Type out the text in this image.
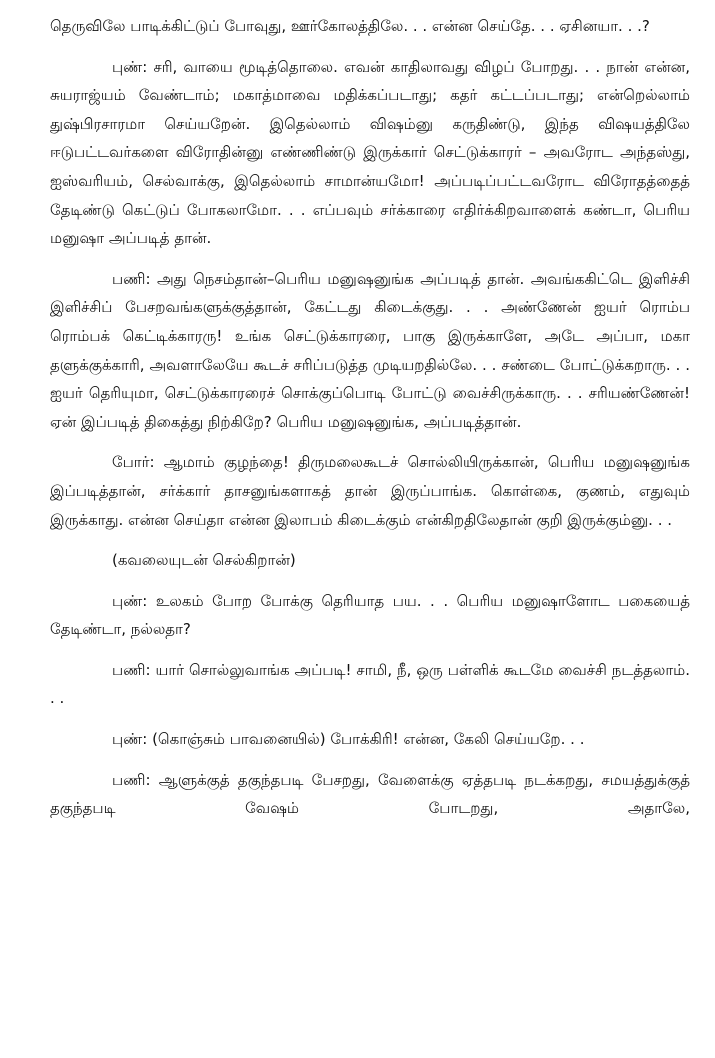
தெருவிலே பாடிக்கிட்டுப் போவுது, ஊர்கோலத்திலே. . . என்ன செய்தே. . . ஏசினயா. . .?

புண்: சரி, வாயை மூடித்தொலை. எவன் காதிலாவது விழப் போறது. . . நான் என்ன, சுயராஜ்யம் வேண்டாம்; மகாத்மாவை மதிக்கப்படாது; கதர் கட்டப்படாது; என்றெல்லாம் துஷ்பிரசாரமா செய்யறேன். இதெல்லாம் விஷம்னு கருதிண்டு, இந்த விஷயத்திலே ஈடுபட்டவர்களை விரோதின்னு எண்ணிண்டு இருக்கார் செட்டுக்காரர் – அவரோட அந்தஸ்து, ஐஸ்வரியம், செல்வாக்கு, இதெல்லாம் சாமான்யமோ! அப்படிப்பட்டவரோட விரோதத்தைத் தேடிண்டு கெட்டுப் போகலாமோ. . . எப்பவும் சர்க்காரை எதிர்க்கிறவாளைக் கண்டா, பெரிய மனுஷா அப்படித் தான்.

பணி: அது நெசம்தான்–பெரிய மனுஷனுங்க அப்படித் தான். அவங்ககிட்டெ இளிச்சி இளிச்சிப் பேசறவங்களுக்குத்தான், கேட்டது கிடைக்குது. . . அண்ணேன் ஐயர் ரொம்ப ரொம்பக் கெட்டிக்காரரு! உங்க செட்டுக்காரரை, பாகு இருக்காளே, அடே அப்பா, மகா தளுக்குக்காரி, அவளாலேயே கூடச் சரிப்படுத்த முடியறதில்லே. . . சண்டை போட்டுக்கறாரு. . . ஐயர் தெரியுமா, செட்டுக்காரரைச் சொக்குப்பொடி போட்டு வைச்சிருக்காரு. . . சரியண்ணேன்! ஏன் இப்படித் திகைத்து நிற்கிறே? பெரிய மனுஷனுங்க, அப்படித்தான்.

போர்: ஆமாம் குழந்தை! திருமலைகூடச் சொல்லியிருக்கான், பெரிய மனுஷனுங்க இப்படித்தான், சர்க்கார் தாசனுங்களாகத் தான் இருப்பாங்க. கொள்கை, குணம், எதுவும் இருக்காது. என்ன செய்தா என்ன இலாபம் கிடைக்கும் என்கிறதிலேதான் குறி இருக்கும்னு. . .

(கவலையுடன் செல்கிறான்)

புண்: உலகம் போற போக்கு தெரியாத பய. . . பெரிய மனுஷாளோட பகையைத் தேடிண்டா, நல்லதா?

பணி: யார் சொல்லுவாங்க அப்படி! சாமி, நீ, ஒரு பள்ளிக் கூடமே வைச்சி நடத்தலாம். . .

புண்: (கொஞ்சும் பாவனையில்) போக்கிரி! என்ன, கேலி செய்யறே. . .

பணி: ஆளுக்குத் தகுந்தபடி பேசறது, வேளைக்கு ஏத்தபடி நடக்கறது, சமயத்துக்குத் தகுந்தபடி வேஷம் போடறது, அதாலே,
